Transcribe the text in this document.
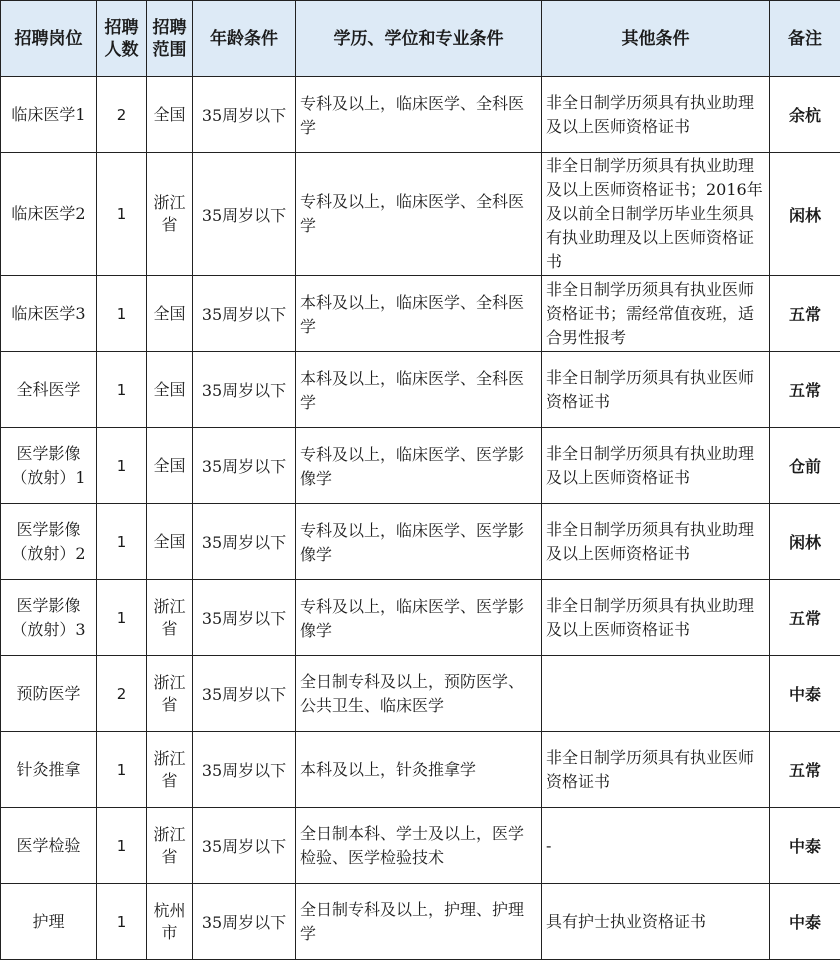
招聘岗位	招聘人数	招聘范围	年龄条件	学历、学位和专业条件	其他条件	备注
临床医学1	2	全国	35周岁以下	专科及以上，临床医学、全科医学	非全日制学历须具有执业助理及以上医师资格证书	余杭
临床医学2	1	浙江省	35周岁以下	专科及以上，临床医学、全科医学	非全日制学历须具有执业助理及以上医师资格证书；2016年及以前全日制学历毕业生须具有执业助理及以上医师资格证书	闲林
临床医学3	1	全国	35周岁以下	本科及以上，临床医学、全科医学	非全日制学历须具有执业医师资格证书；需经常值夜班，适合男性报考	五常
全科医学	1	全国	35周岁以下	本科及以上，临床医学、全科医学	非全日制学历须具有执业医师资格证书	五常
医学影像（放射）1	1	全国	35周岁以下	专科及以上，临床医学、医学影像学	非全日制学历须具有执业助理及以上医师资格证书	仓前
医学影像（放射）2	1	全国	35周岁以下	专科及以上，临床医学、医学影像学	非全日制学历须具有执业助理及以上医师资格证书	闲林
医学影像（放射）3	1	浙江省	35周岁以下	专科及以上，临床医学、医学影像学	非全日制学历须具有执业助理及以上医师资格证书	五常
预防医学	2	浙江省	35周岁以下	全日制专科及以上，预防医学、公共卫生、临床医学		中泰
针灸推拿	1	浙江省	35周岁以下	本科及以上，针灸推拿学	非全日制学历须具有执业医师资格证书	五常
医学检验	1	浙江省	35周岁以下	全日制本科、学士及以上，医学检验、医学检验技术	-	中泰
护理	1	杭州市	35周岁以下	全日制专科及以上，护理、护理学	具有护士执业资格证书	中泰
